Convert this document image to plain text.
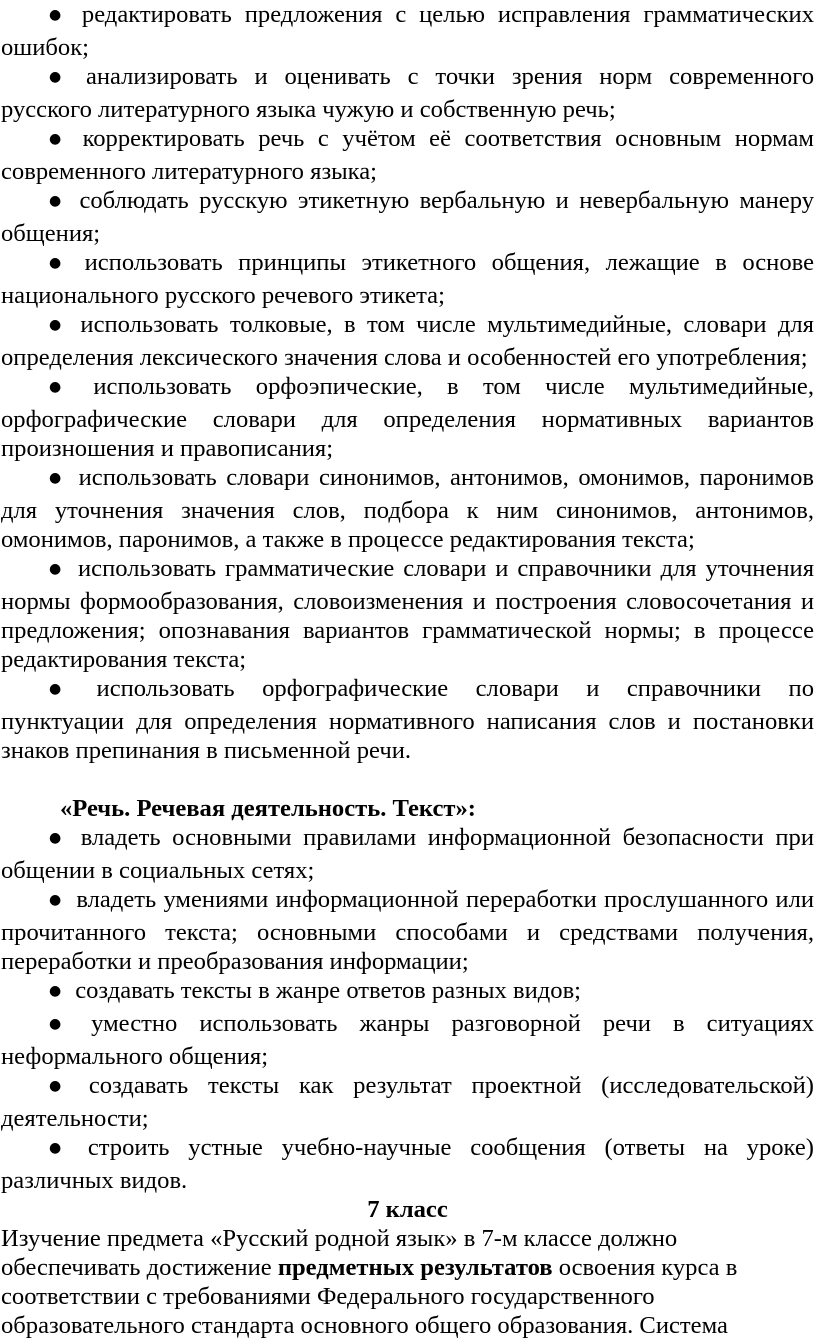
● редактировать предложения с целью исправления грамматических ошибок;

● анализировать и оценивать с точки зрения норм современного русского литературного языка чужую и собственную речь;

● корректировать речь с учётом её соответствия основным нормам современного литературного языка;

● соблюдать русскую этикетную вербальную и невербальную манеру общения;

● использовать принципы этикетного общения, лежащие в основе национального русского речевого этикета;

● использовать толковые, в том числе мультимедийные, словари для определения лексического значения слова и особенностей его употребления;

● использовать орфоэпические, в том числе мультимедийные, орфографические словари для определения нормативных вариантов произношения и правописания;

● использовать словари синонимов, антонимов, омонимов, паронимов для уточнения значения слов, подбора к ним синонимов, антонимов, омонимов, паронимов, а также в процессе редактирования текста;

● использовать грамматические словари и справочники для уточнения нормы формообразования, словоизменения и построения словосочетания и предложения; опознавания вариантов грамматической нормы; в процессе редактирования текста;

● использовать орфографические словари и справочники по пунктуации для определения нормативного написания слов и постановки знаков препинания в письменной речи.

«Речь. Речевая деятельность. Текст»:

● владеть основными правилами информационной безопасности при общении в социальных сетях;

● владеть умениями информационной переработки прослушанного или прочитанного текста; основными способами и средствами получения, переработки и преобразования информации;

● создавать тексты в жанре ответов разных видов;

● уместно использовать жанры разговорной речи в ситуациях неформального общения;

● создавать тексты как результат проектной (исследовательской) деятельности;

● строить устные учебно-научные сообщения (ответы на уроке) различных видов.

7 класс

Изучение предмета «Русский родной язык» в 7-м классе должно обеспечивать достижение предметных результатов освоения курса в соответствии с требованиями Федерального государственного образовательного стандарта основного общего образования. Система
